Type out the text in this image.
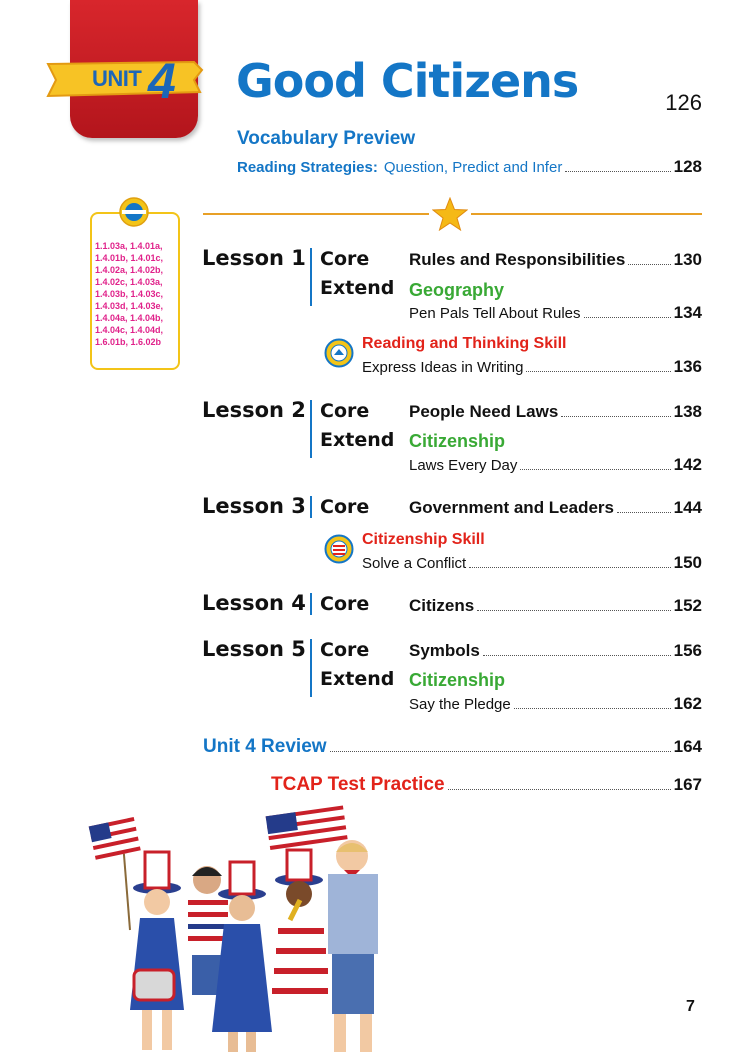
UNIT 4 Good Citizens	126
Vocabulary Preview
Reading Strategies: Question, Predict and Infer	128
1.1.03a, 1.4.01a,
1.4.01b, 1.4.01c,
1.4.02a, 1.4.02b,
1.4.02c, 1.4.03a,
1.4.03b, 1.4.03c,
1.4.03d, 1.4.03e,
1.4.04a, 1.4.04b,
1.4.04c, 1.4.04d,
1.6.01b, 1.6.02b
Lesson 1 Core Rules and Responsibilities	130
Extend Geography
Pen Pals Tell About Rules	134
Reading and Thinking Skill
Express Ideas in Writing	136
Lesson 2 Core People Need Laws	138
Extend Citizenship
Laws Every Day	142
Lesson 3 Core Government and Leaders	144
Citizenship Skill
Solve a Conflict	150
Lesson 4 Core Citizens	152
Lesson 5 Core Symbols	156
Extend Citizenship
Say the Pledge	162
Unit 4 Review	164
TCAP Test Practice	167
7
